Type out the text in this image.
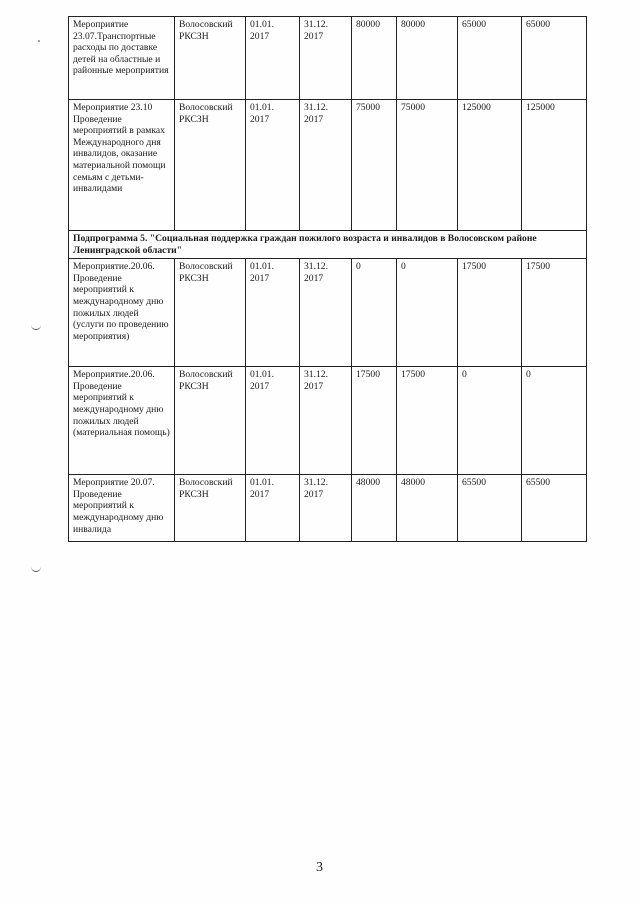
Мероприятие 23.07.Транспортные расходы по доставке детей на областные и районные мероприятия	Волосовский РКСЗН	01.01. 2017	31.12. 2017	80000	80000	65000	65000
Мероприятие 23.10 Проведение мероприятий в рамках Международного дня инвалидов, оказание материальной помощи семьям с детьми-инвалидами	Волосовский РКСЗН	01.01. 2017	31.12. 2017	75000	75000	125000	125000
Подпрограмма 5. "Социальная поддержка граждан пожилого возраста и инвалидов в Волосовском районе Ленинградской области"							
Мероприятие.20.06. Проведение мероприятий к международному дню пожилых людей (услуги по проведению мероприятия)	Волосовский РКСЗН	01.01. 2017	31.12. 2017	0	0	17500	17500
Мероприятие.20.06. Проведение мероприятий к международному дню пожилых людей (материальная помощь)	Волосовский РКСЗН	01.01. 2017	31.12. 2017	17500	17500	0	0
Мероприятие 20.07. Проведение мероприятий к международному дню инвалида	Волосовский РКСЗН	01.01. 2017	31.12. 2017	48000	48000	65500	65500
3
